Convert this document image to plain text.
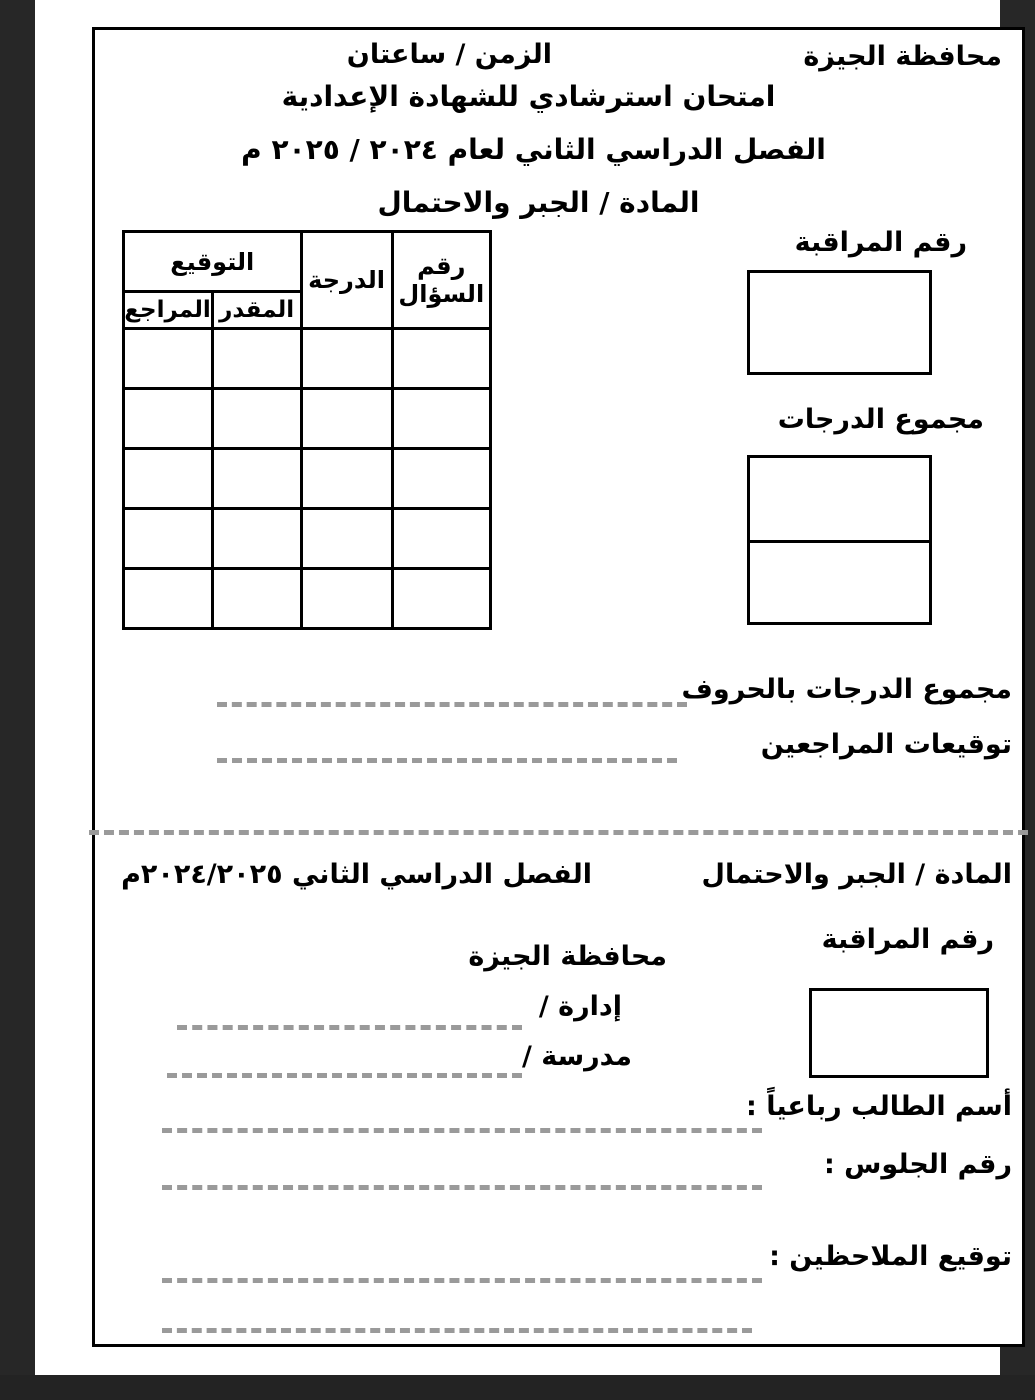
محافظة الجيزة
الزمن / ساعتان
امتحان استرشادي للشهادة الإعدادية
الفصل الدراسي الثاني لعام ٢٠٢٤ / ٢٠٢٥ م
المادة / الجبر والاحتمال
رقم السؤال	الدرجة	التوقيع	
		المقدر	المراجع

رقم المراقبة
مجموع الدرجات
مجموع الدرجات بالحروف
توقيعات المراجعين
الفصل الدراسي الثاني ٢٠٢٤/٢٠٢٥م	المادة / الجبر والاحتمال
رقم المراقبة
محافظة الجيزة
إدارة /
مدرسة /
أسم الطالب رباعياً :
رقم الجلوس :
توقيع الملاحظين :
